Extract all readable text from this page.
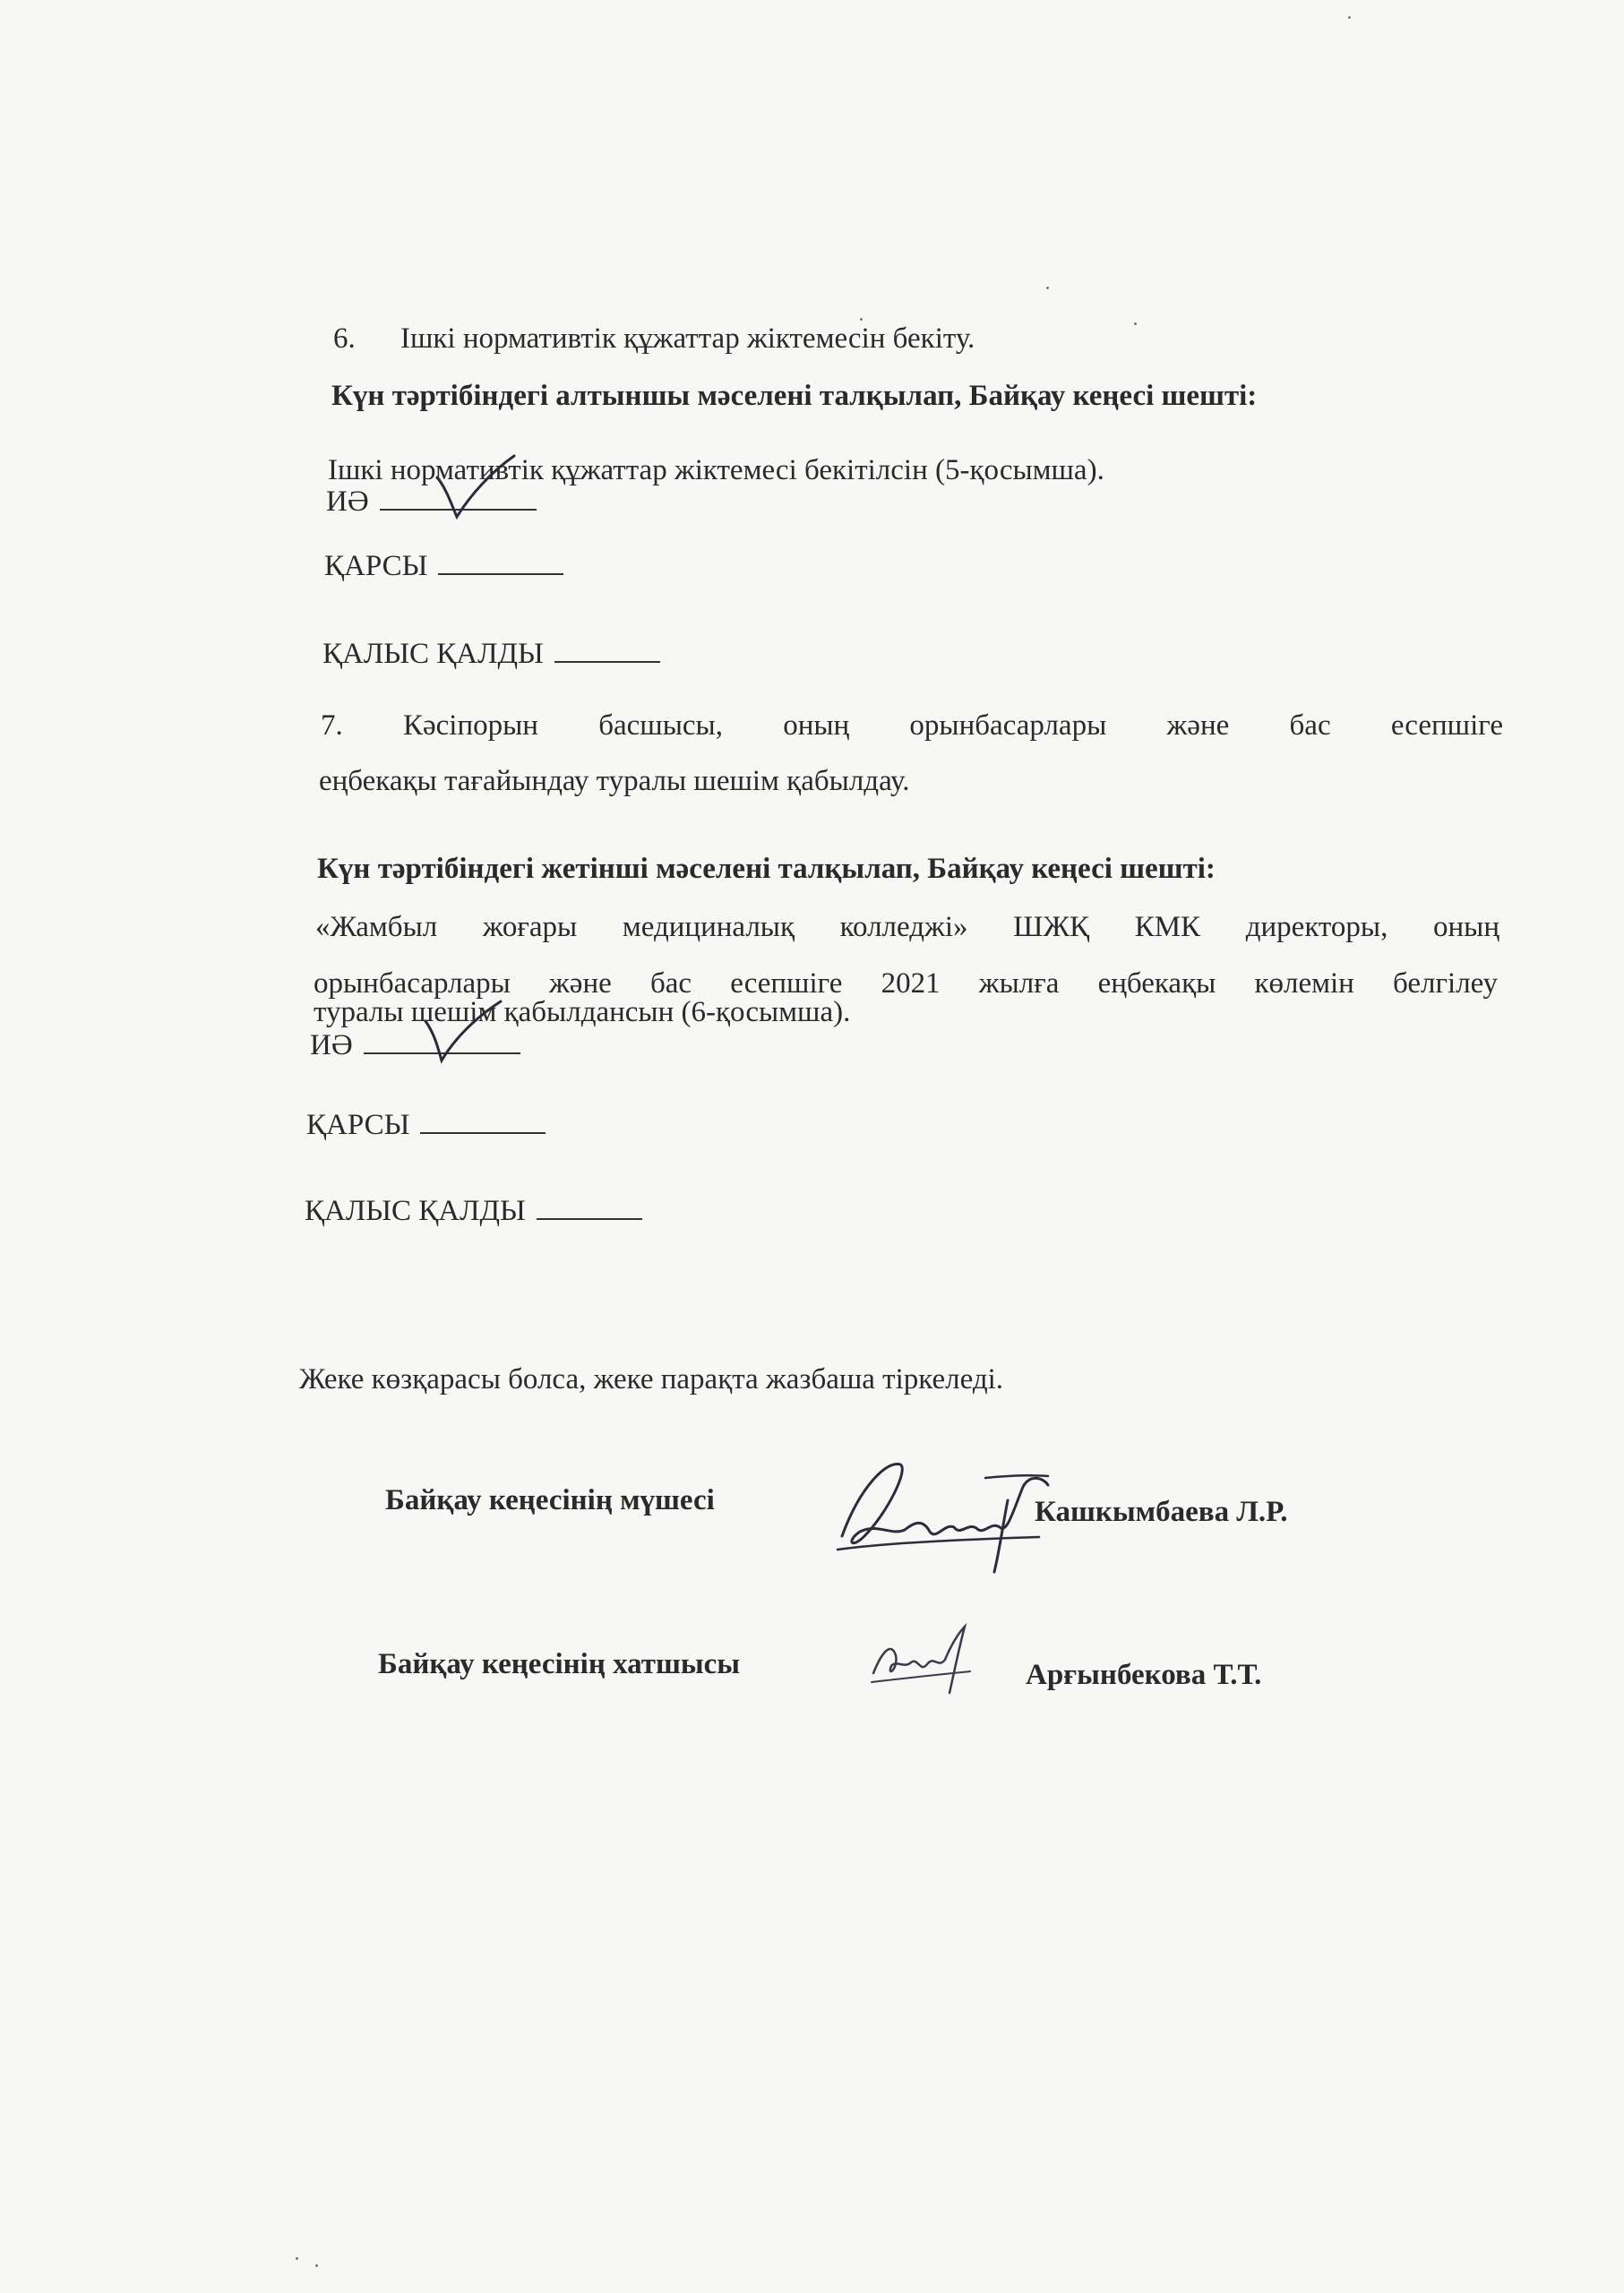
6. Ішкі нормативтік құжаттар жіктемесін бекіту.
Күн тәртібіндегі алтыншы мәселені талқылап, Байқау кеңесі шешті:
Ішкі нормативтік құжаттар жіктемесі бекітілсін (5-қосымша).
ИӘ
ҚАРСЫ
ҚАЛЫС ҚАЛДЫ
7. Кәсіпорын басшысы, оның орынбасарлары және бас есепшіге
еңбекақы тағайындау туралы шешім қабылдау.
Күн тәртібіндегі жетінші мәселені талқылап, Байқау кеңесі шешті:
«Жамбыл жоғары медициналық колледжі» ШЖҚ КМК директоры, оның
орынбасарлары және бас есепшіге 2021 жылға еңбекақы көлемін белгілеу
туралы шешім қабылдансын (6-қосымша).
ИӘ
ҚАРСЫ
ҚАЛЫС ҚАЛДЫ
Жеке көзқарасы болса, жеке парақта жазбаша тіркеледі.
Байқау кеңесінің мүшесі	Кашкымбаева Л.Р.
Байқау кеңесінің хатшысы	Арғынбекова Т.Т.
